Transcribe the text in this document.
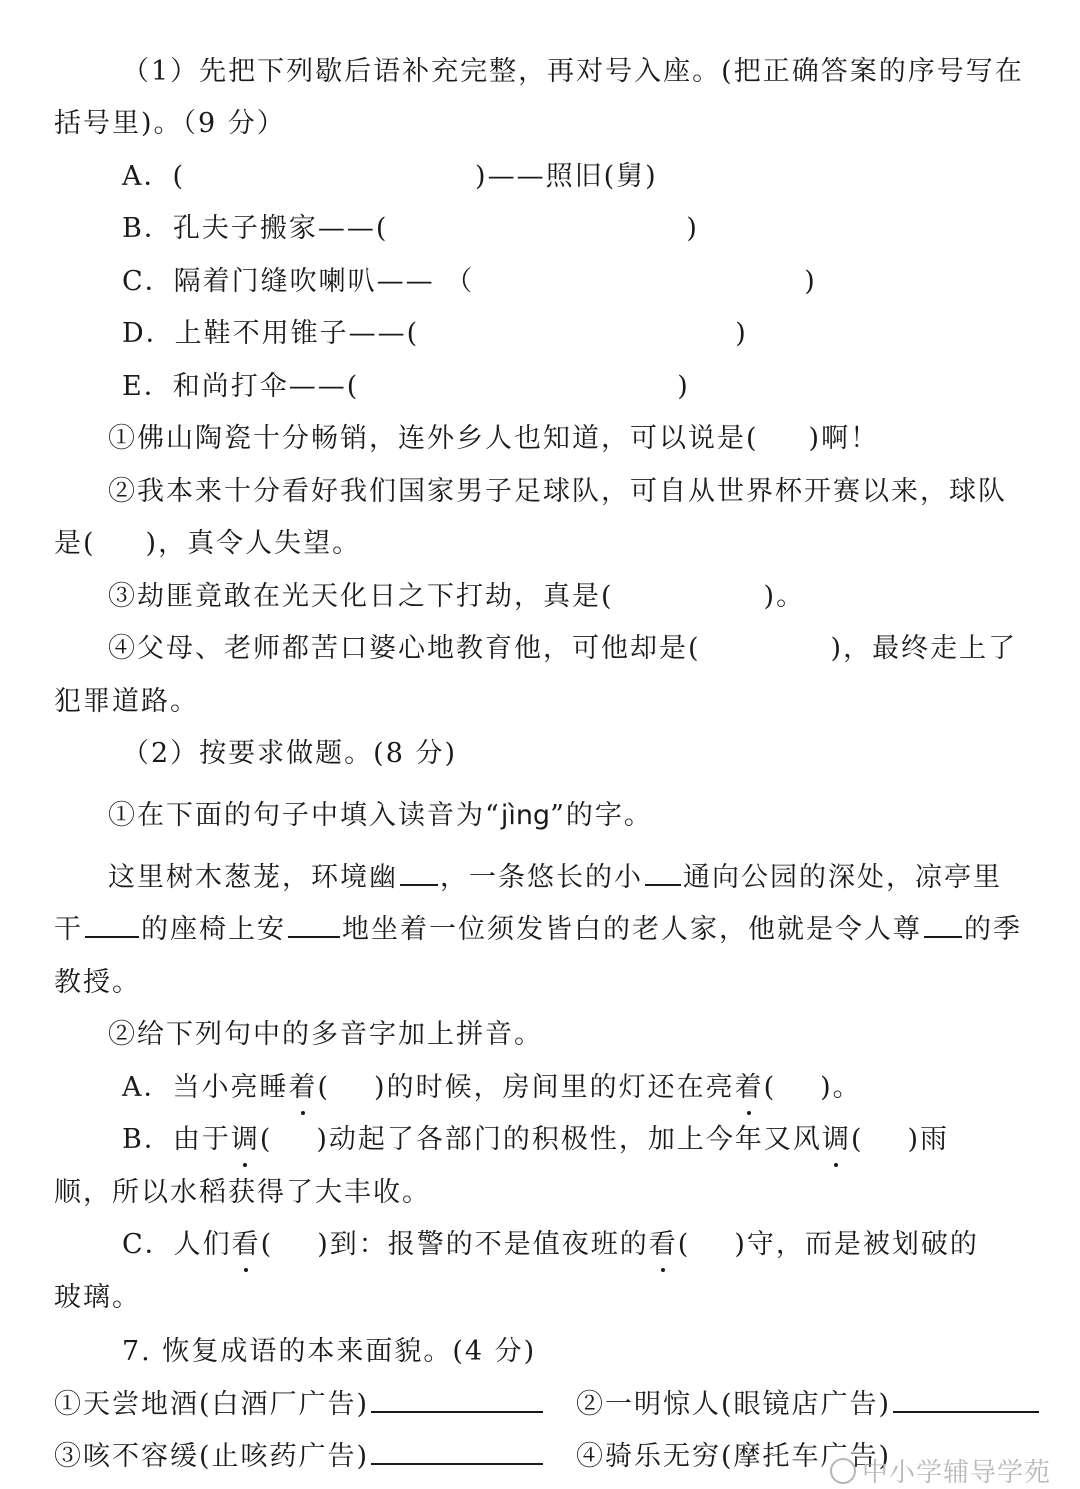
（1）先把下列歇后语补充完整，再对号入座。(把正确答案的序号写在
括号里)。（9 分）
A．(	)——照旧(舅)
B．孔夫子搬家——(	)
C．隔着门缝吹喇叭—— （	)
D．上鞋不用锥子——(	)
E．和尚打伞——(	)
①佛山陶瓷十分畅销，连外乡人也知道，可以说是( )啊！
②我本来十分看好我们国家男子足球队，可自从世界杯开赛以来，球队
是( )，真令人失望。
③劫匪竟敢在光天化日之下打劫，真是(	)。
④父母、老师都苦口婆心地教育他，可他却是(	)，最终走上了
犯罪道路。
（2）按要求做题。(8 分)
①在下面的句子中填入读音为“jìng”的字。
这里树木葱茏，环境幽 ，一条悠长的小 通向公园的深处，凉亭里
干 的座椅上安 地坐着一位须发皆白的老人家，他就是令人尊 的季
教授。
②给下列句中的多音字加上拼音。
A．当小亮睡着( )的时候，房间里的灯还在亮着( )。
B．由于调( )动起了各部门的积极性，加上今年又风调( )雨
顺，所以水稻获得了大丰收。
C．人们看( )到：报警的不是值夜班的看( )守，而是被划破的
玻璃。
7. 恢复成语的本来面貌。(4 分)
①天尝地酒(白酒厂广告)	②一明惊人(眼镜店广告)
③咳不容缓(止咳药广告)	④骑乐无穷(摩托车广告)
中小学辅导学苑
